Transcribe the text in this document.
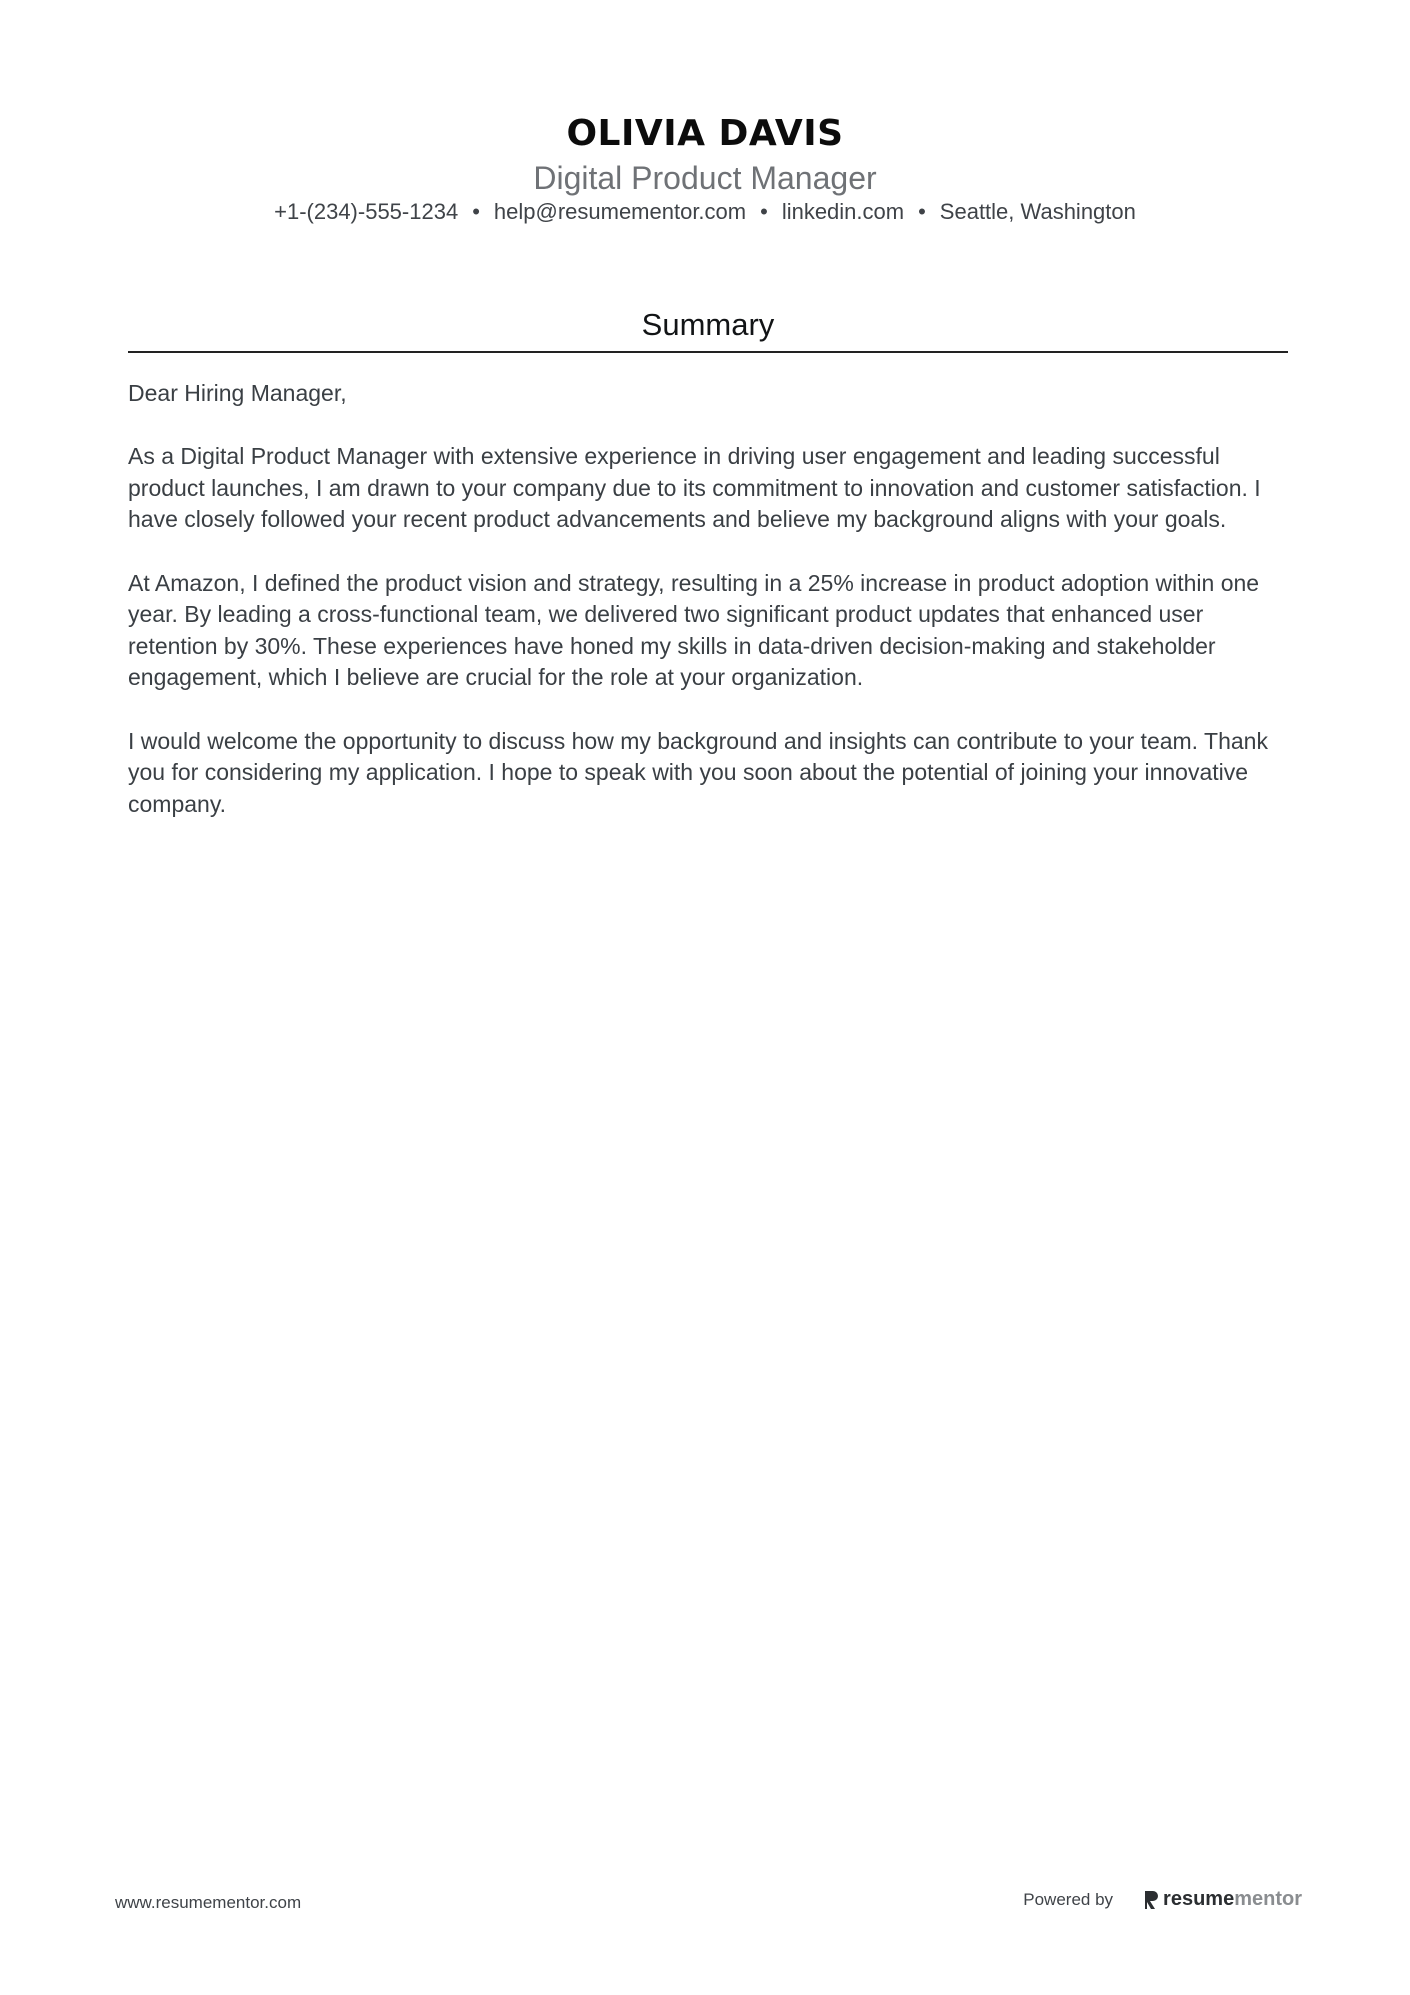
OLIVIA DAVIS
Digital Product Manager
+1-(234)-555-1234 • help@resumementor.com • linkedin.com • Seattle, Washington
Summary

Dear Hiring Manager,

As a Digital Product Manager with extensive experience in driving user engagement and leading successful product launches, I am drawn to your company due to its commitment to innovation and customer satisfaction. I have closely followed your recent product advancements and believe my background aligns with your goals.

At Amazon, I defined the product vision and strategy, resulting in a 25% increase in product adoption within one year. By leading a cross-functional team, we delivered two significant product updates that enhanced user retention by 30%. These experiences have honed my skills in data-driven decision-making and stakeholder engagement, which I believe are crucial for the role at your organization.

I would welcome the opportunity to discuss how my background and insights can contribute to your team. Thank you for considering my application. I hope to speak with you soon about the potential of joining your innovative company.

www.resumementor.com	Powered by	resume mentor
